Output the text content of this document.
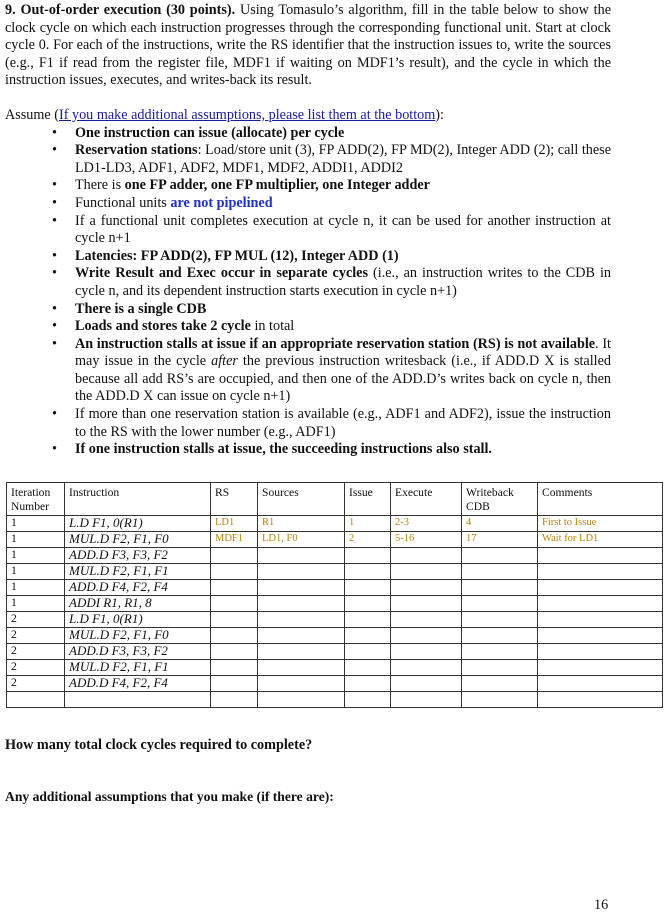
9. Out-of-order execution (30 points). Using Tomasulo’s algorithm, fill in the table below to show the clock cycle on which each instruction progresses through the corresponding functional unit. Start at clock cycle 0. For each of the instructions, write the RS identifier that the instruction issues to, write the sources (e.g., F1 if read from the register file, MDF1 if waiting on MDF1’s result), and the cycle in which the instruction issues, executes, and writes-back its result.

Assume (If you make additional assumptions, please list them at the bottom):

• One instruction can issue (allocate) per cycle
• Reservation stations: Load/store unit (3), FP ADD(2), FP MD(2), Integer ADD (2); call these LD1-LD3, ADF1, ADF2, MDF1, MDF2, ADDI1, ADDI2
• There is one FP adder, one FP multiplier, one Integer adder
• Functional units are not pipelined
• If a functional unit completes execution at cycle n, it can be used for another instruction at cycle n+1
• Latencies: FP ADD(2), FP MUL (12), Integer ADD (1)
• Write Result and Exec occur in separate cycles (i.e., an instruction writes to the CDB in cycle n, and its dependent instruction starts execution in cycle n+1)
• There is a single CDB
• Loads and stores take 2 cycle in total
• An instruction stalls at issue if an appropriate reservation station (RS) is not available. It may issue in the cycle after the previous instruction writesback (i.e., if ADD.D X is stalled because all add RS’s are occupied, and then one of the ADD.D’s writes back on cycle n, then the ADD.D X can issue on cycle n+1)
• If more than one reservation station is available (e.g., ADF1 and ADF2), issue the instruction to the RS with the lower number (e.g., ADF1)
• If one instruction stalls at issue, the succeeding instructions also stall.
Iteration Number	Instruction	RS	Sources	Issue	Execute	Writeback CDB	Comments
1	L.D F1, 0(R1)	LD1	R1	1	2-3	4	First to Issue
1	MUL.D F2, F1, F0	MDF1	LD1, F0	2	5-16	17	Wait for LD1
1	ADD.D F3, F3, F2						
1	MUL.D F2, F1, F1						
1	ADD.D F4, F2, F4						
1	ADDI R1, R1, 8						
2	L.D F1, 0(R1)						
2	MUL.D F2, F1, F0						
2	ADD.D F3, F3, F2						
2	MUL.D F2, F1, F1						
2	ADD.D F4, F2, F4						

How many total clock cycles required to complete?
Any additional assumptions that you make (if there are):
16
